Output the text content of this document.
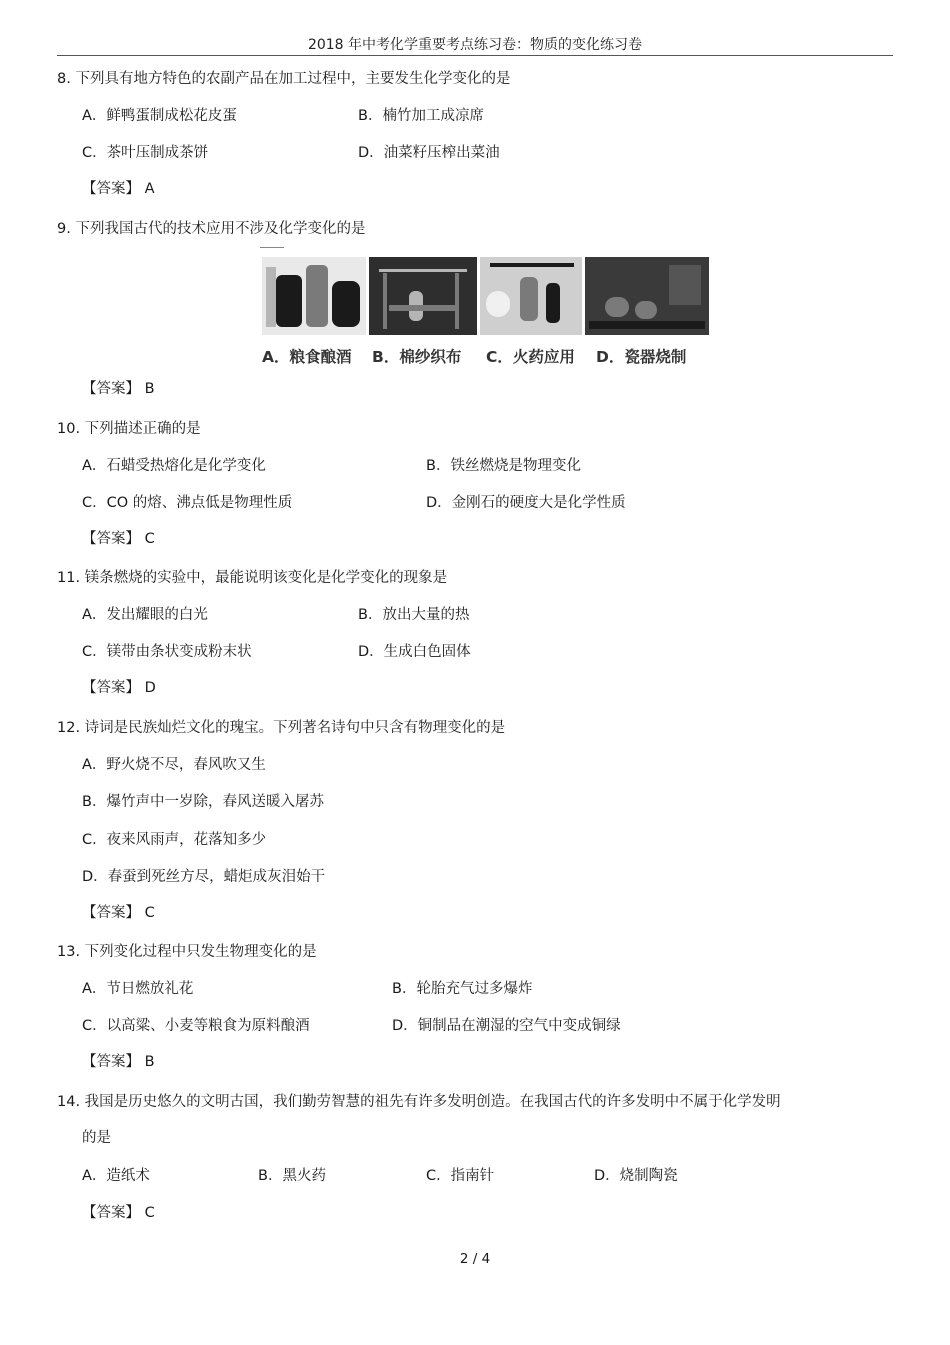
2018 年中考化学重要考点练习卷：物质的变化练习卷
8. 下列具有地方特色的农副产品在加工过程中，主要发生化学变化的是
A．鲜鸭蛋制成松花皮蛋	B．楠竹加工成凉席
C．茶叶压制成茶饼	D．油菜籽压榨出菜油
【答案】 A
9. 下列我国古代的技术应用不涉及化学变化的是
A．粮食酿酒 B．棉纱织布 C．火药应用 D．瓷器烧制
【答案】 B
10. 下列描述正确的是
A．石蜡受热熔化是化学变化	B．铁丝燃烧是物理变化
C．CO 的熔、沸点低是物理性质	D．金刚石的硬度大是化学性质
【答案】 C
11. 镁条燃烧的实验中，最能说明该变化是化学变化的现象是
A．发出耀眼的白光	B．放出大量的热
C．镁带由条状变成粉末状	D．生成白色固体
【答案】 D
12. 诗词是民族灿烂文化的瑰宝。下列著名诗句中只含有物理变化的是
A．野火烧不尽，春风吹又生
B．爆竹声中一岁除，春风送暖入屠苏
C．夜来风雨声，花落知多少
D．春蚕到死丝方尽，蜡炬成灰泪始干
【答案】 C
13. 下列变化过程中只发生物理变化的是
A．节日燃放礼花	B．轮胎充气过多爆炸
C．以高粱、小麦等粮食为原料酿酒	D．铜制品在潮湿的空气中变成铜绿
【答案】 B
14. 我国是历史悠久的文明古国，我们勤劳智慧的祖先有许多发明创造。在我国古代的许多发明中不属于化学发明
的是
A．造纸术	B．黑火药	C．指南针	D．烧制陶瓷
【答案】 C
2 / 4
